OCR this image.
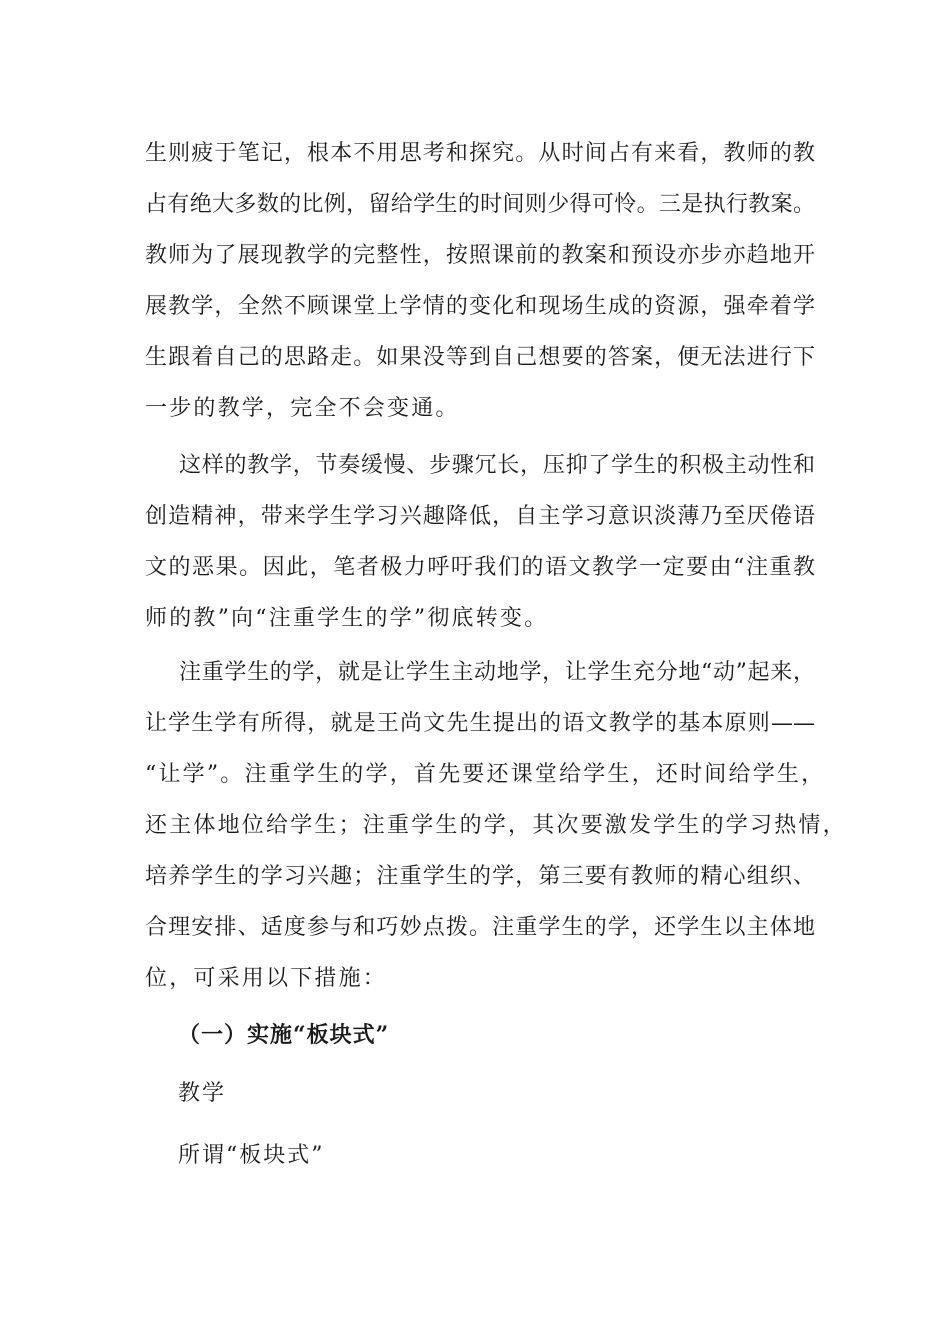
生则疲于笔记，根本不用思考和探究。从时间占有来看，教师的教
占有绝大多数的比例，留给学生的时间则少得可怜。三是执行教案。
教师为了展现教学的完整性，按照课前的教案和预设亦步亦趋地开
展教学，全然不顾课堂上学情的变化和现场生成的资源，强牵着学
生跟着自己的思路走。如果没等到自己想要的答案，便无法进行下
一步的教学，完全不会变通。
这样的教学，节奏缓慢、步骤冗长，压抑了学生的积极主动性和
创造精神，带来学生学习兴趣降低，自主学习意识淡薄乃至厌倦语
文的恶果。因此，笔者极力呼吁我们的语文教学一定要由“注重教
师的教”向“注重学生的学”彻底转变。
注重学生的学，就是让学生主动地学，让学生充分地“动”起来，
让学生学有所得，就是王尚文先生提出的语文教学的基本原则——
“让学”。注重学生的学，首先要还课堂给学生，还时间给学生，
还主体地位给学生；注重学生的学，其次要激发学生的学习热情，
培养学生的学习兴趣；注重学生的学，第三要有教师的精心组织、
合理安排、适度参与和巧妙点拨。注重学生的学，还学生以主体地
位，可采用以下措施：

（一）实施“板块式”

教学

所谓“板块式”
